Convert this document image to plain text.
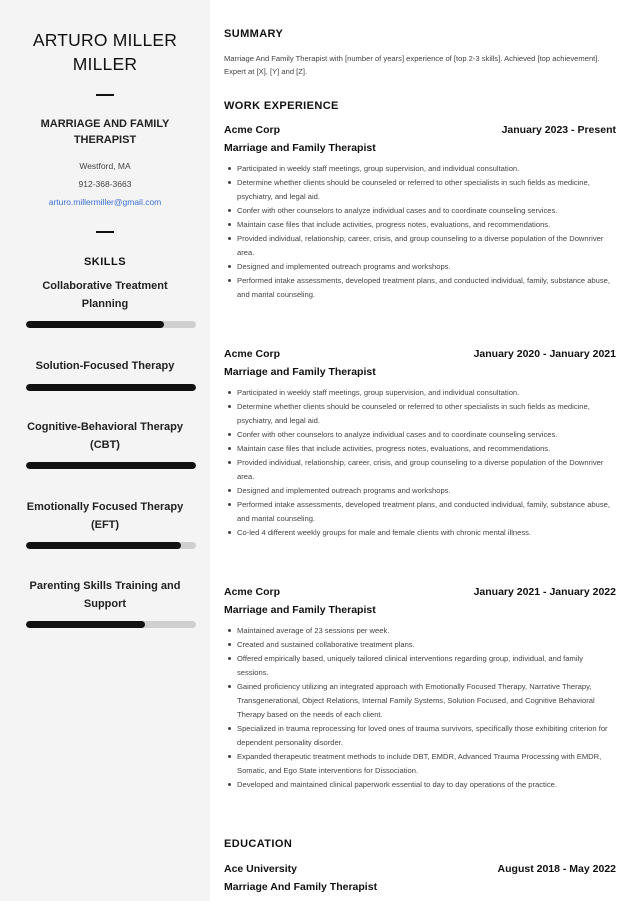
ARTURO MILLER
MILLER
MARRIAGE AND FAMILY THERAPIST
Westford, MA
912-368-3663
arturo.millermiller@gmail.com
SKILLS
Collaborative Treatment Planning
Solution-Focused Therapy
Cognitive-Behavioral Therapy (CBT)
Emotionally Focused Therapy (EFT)
Parenting Skills Training and Support
SUMMARY
Marriage And Family Therapist with [number of years] experience of [top 2-3 skills]. Achieved [top achievement]. Expert at [X], [Y] and [Z].
WORK EXPERIENCE
Acme Corp	January 2023 - Present
Marriage and Family Therapist
Participated in weekly staff meetings, group supervision, and individual consultation.
Determine whether clients should be counseled or referred to other specialists in such fields as medicine, psychiatry, and legal aid.
Confer with other counselors to analyze individual cases and to coordinate counseling services.
Maintain case files that include activities, progress notes, evaluations, and recommendations.
Provided individual, relationship, career, crisis, and group counseling to a diverse population of the Downriver area.
Designed and implemented outreach programs and workshops.
Performed intake assessments, developed treatment plans, and conducted individual, family, substance abuse, and marital counseling.
Acme Corp	January 2020 - January 2021
Marriage and Family Therapist
Participated in weekly staff meetings, group supervision, and individual consultation.
Determine whether clients should be counseled or referred to other specialists in such fields as medicine, psychiatry, and legal aid.
Confer with other counselors to analyze individual cases and to coordinate counseling services.
Maintain case files that include activities, progress notes, evaluations, and recommendations.
Provided individual, relationship, career, crisis, and group counseling to a diverse population of the Downriver area.
Designed and implemented outreach programs and workshops.
Performed intake assessments, developed treatment plans, and conducted individual, family, substance abuse, and marital counseling.
Co-led 4 different weekly groups for male and female clients with chronic mental illness.
Acme Corp	January 2021 - January 2022
Marriage and Family Therapist
Maintained average of 23 sessions per week.
Created and sustained collaborative treatment plans.
Offered empirically based, uniquely tailored clinical interventions regarding group, individual, and family sessions.
Gained proficiency utilizing an integrated approach with Emotionally Focused Therapy, Narrative Therapy, Transgenerational, Object Relations, Internal Family Systems, Solution Focused, and Cognitive Behavioral Therapy based on the needs of each client.
Specialized in trauma reprocessing for loved ones of trauma survivors, specifically those exhibiting criterion for dependent personality disorder.
Expanded therapeutic treatment methods to include DBT, EMDR, Advanced Trauma Processing with EMDR, Somatic, and Ego State interventions for Dissociation.
Developed and maintained clinical paperwork essential to day to day operations of the practice.
EDUCATION
Ace University	August 2018 - May 2022
Marriage And Family Therapist
